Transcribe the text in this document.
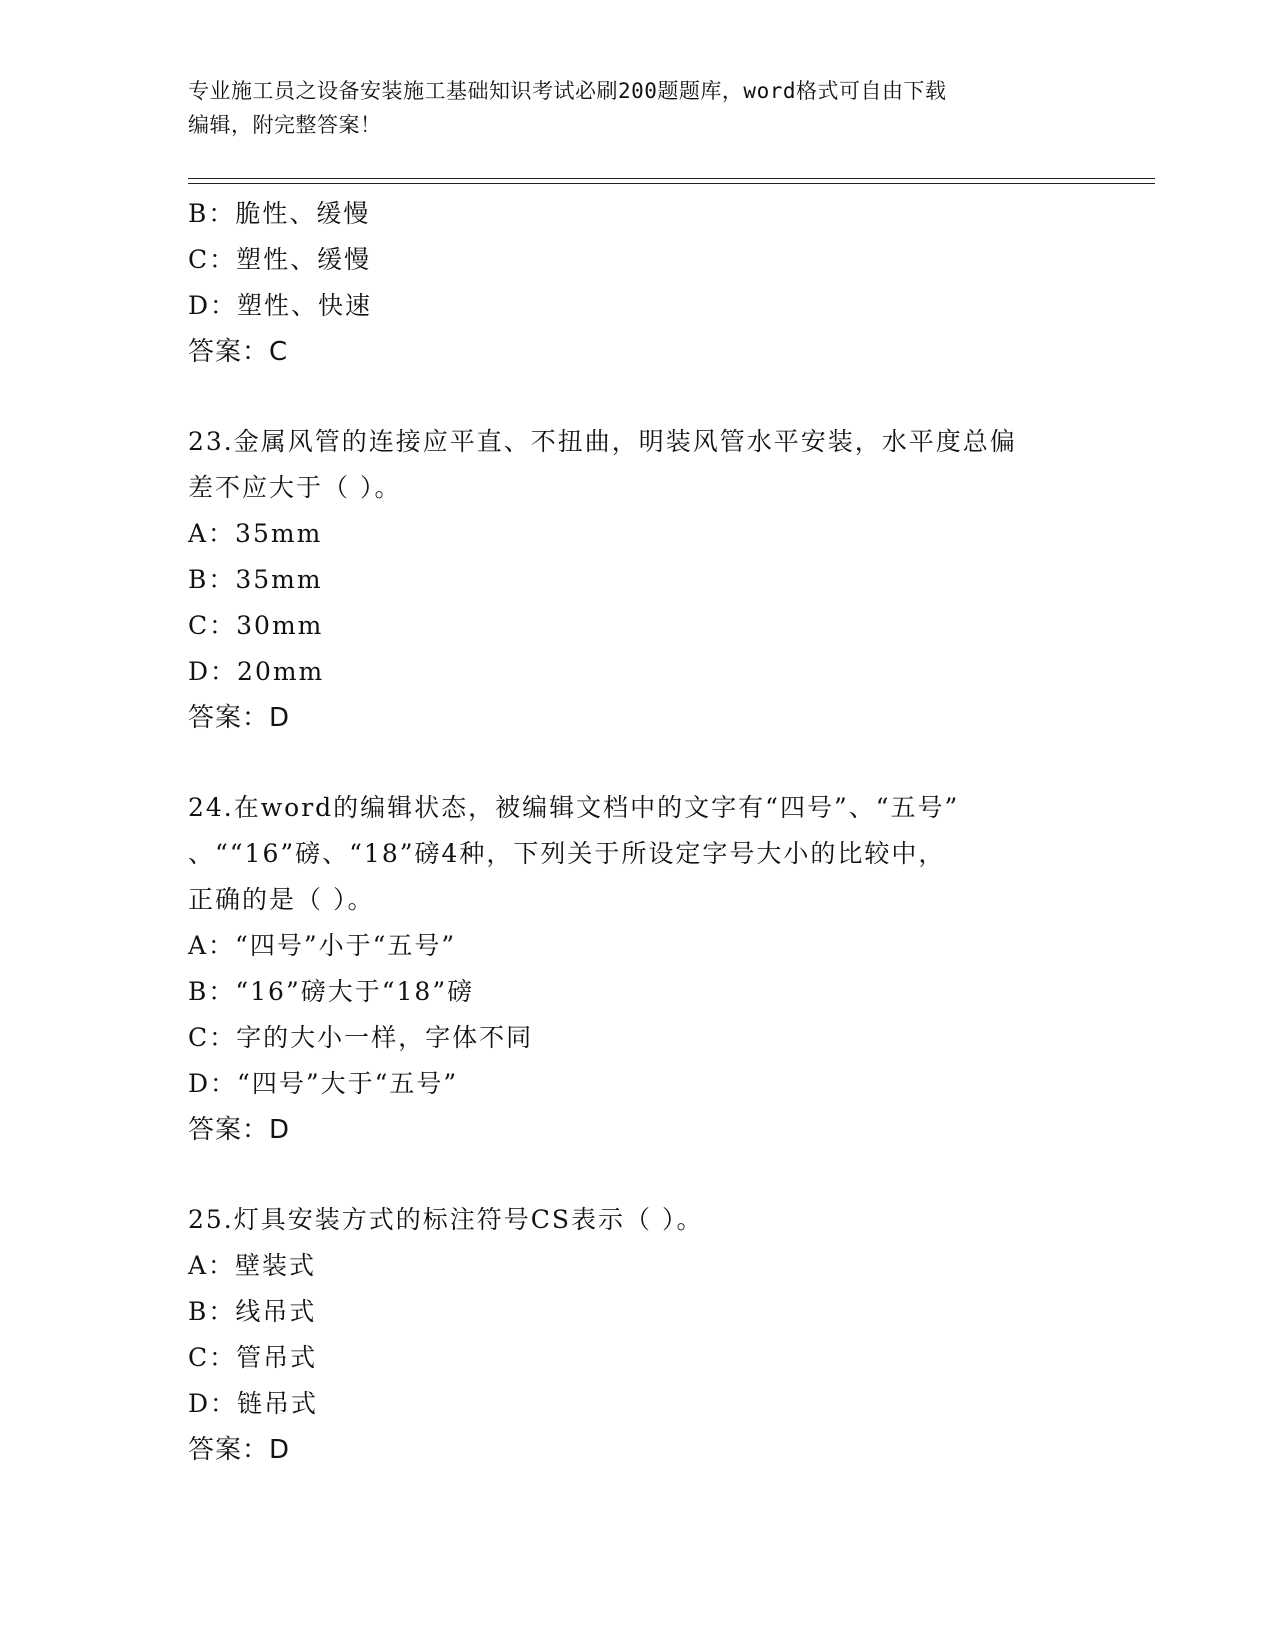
专业施工员之设备安装施工基础知识考试必刷200题题库，word格式可自由下载
编辑，附完整答案！
B：脆性、缓慢
C：塑性、缓慢
D：塑性、快速
答案：C
23.金属风管的连接应平直、不扭曲，明装风管水平安装，水平度总偏
差不应大于（ ）。
A：35mm
B：35mm
C：30mm
D：20mm
答案：D
24.在word的编辑状态，被编辑文档中的文字有“四号”、“五号”
、““16”磅、“18”磅4种，下列关于所设定字号大小的比较中，
正确的是（ ）。
A：“四号”小于“五号”
B：“16”磅大于“18”磅
C：字的大小一样，字体不同
D：“四号”大于“五号”
答案：D
25.灯具安装方式的标注符号CS表示（ ）。
A：壁装式
B：线吊式
C：管吊式
D：链吊式
答案：D
